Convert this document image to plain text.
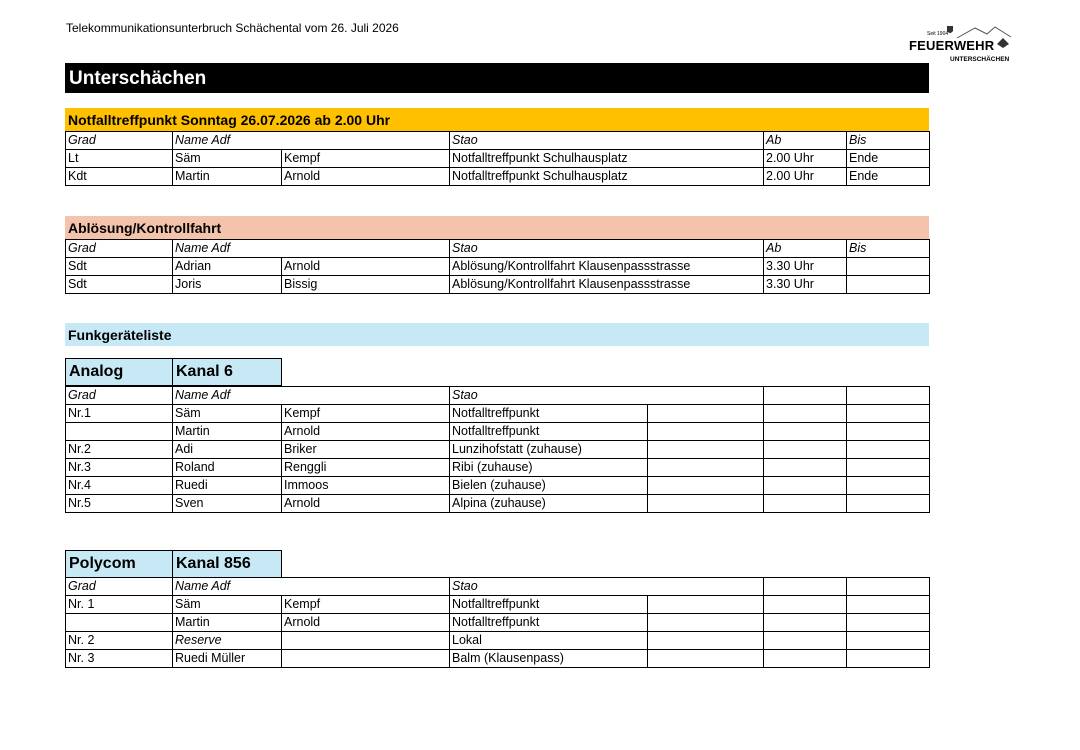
Telekommunikationsunterbruch Schächental vom 26. Juli 2026	Seit 1904
FEUERWEHR
UNTERSCHÄCHEN
Unterschächen
Notfalltreffpunkt Sonntag 26.07.2026 ab 2.00 Uhr
Grad	Name Adf		Stao	Ab	Bis
Lt	Säm	Kempf	Notfalltreffpunkt Schulhausplatz	2.00 Uhr	Ende
Kdt	Martin	Arnold	Notfalltreffpunkt Schulhausplatz	2.00 Uhr	Ende
Ablösung/Kontrollfahrt
Grad	Name Adf		Stao	Ab	Bis
Sdt	Adrian	Arnold	Ablösung/Kontrollfahrt Klausenpassstrasse	3.30 Uhr	
Sdt	Joris	Bissig	Ablösung/Kontrollfahrt Klausenpassstrasse	3.30 Uhr	
Funkgeräteliste
Analog	Kanal 6
Grad	Name Adf		Stao			
Nr.1	Säm	Kempf	Notfalltreffpunkt			
	Martin	Arnold	Notfalltreffpunkt			
Nr.2	Adi	Briker	Lunzihofstatt (zuhause)			
Nr.3	Roland	Renggli	Ribi (zuhause)			
Nr.4	Ruedi	Immoos	Bielen (zuhause)			
Nr.5	Sven	Arnold	Alpina (zuhause)			
Polycom	Kanal 856
Grad	Name Adf		Stao			
Nr. 1	Säm	Kempf	Notfalltreffpunkt			
	Martin	Arnold	Notfalltreffpunkt			
Nr. 2	Reserve		Lokal			
Nr. 3	Ruedi Müller		Balm (Klausenpass)			
